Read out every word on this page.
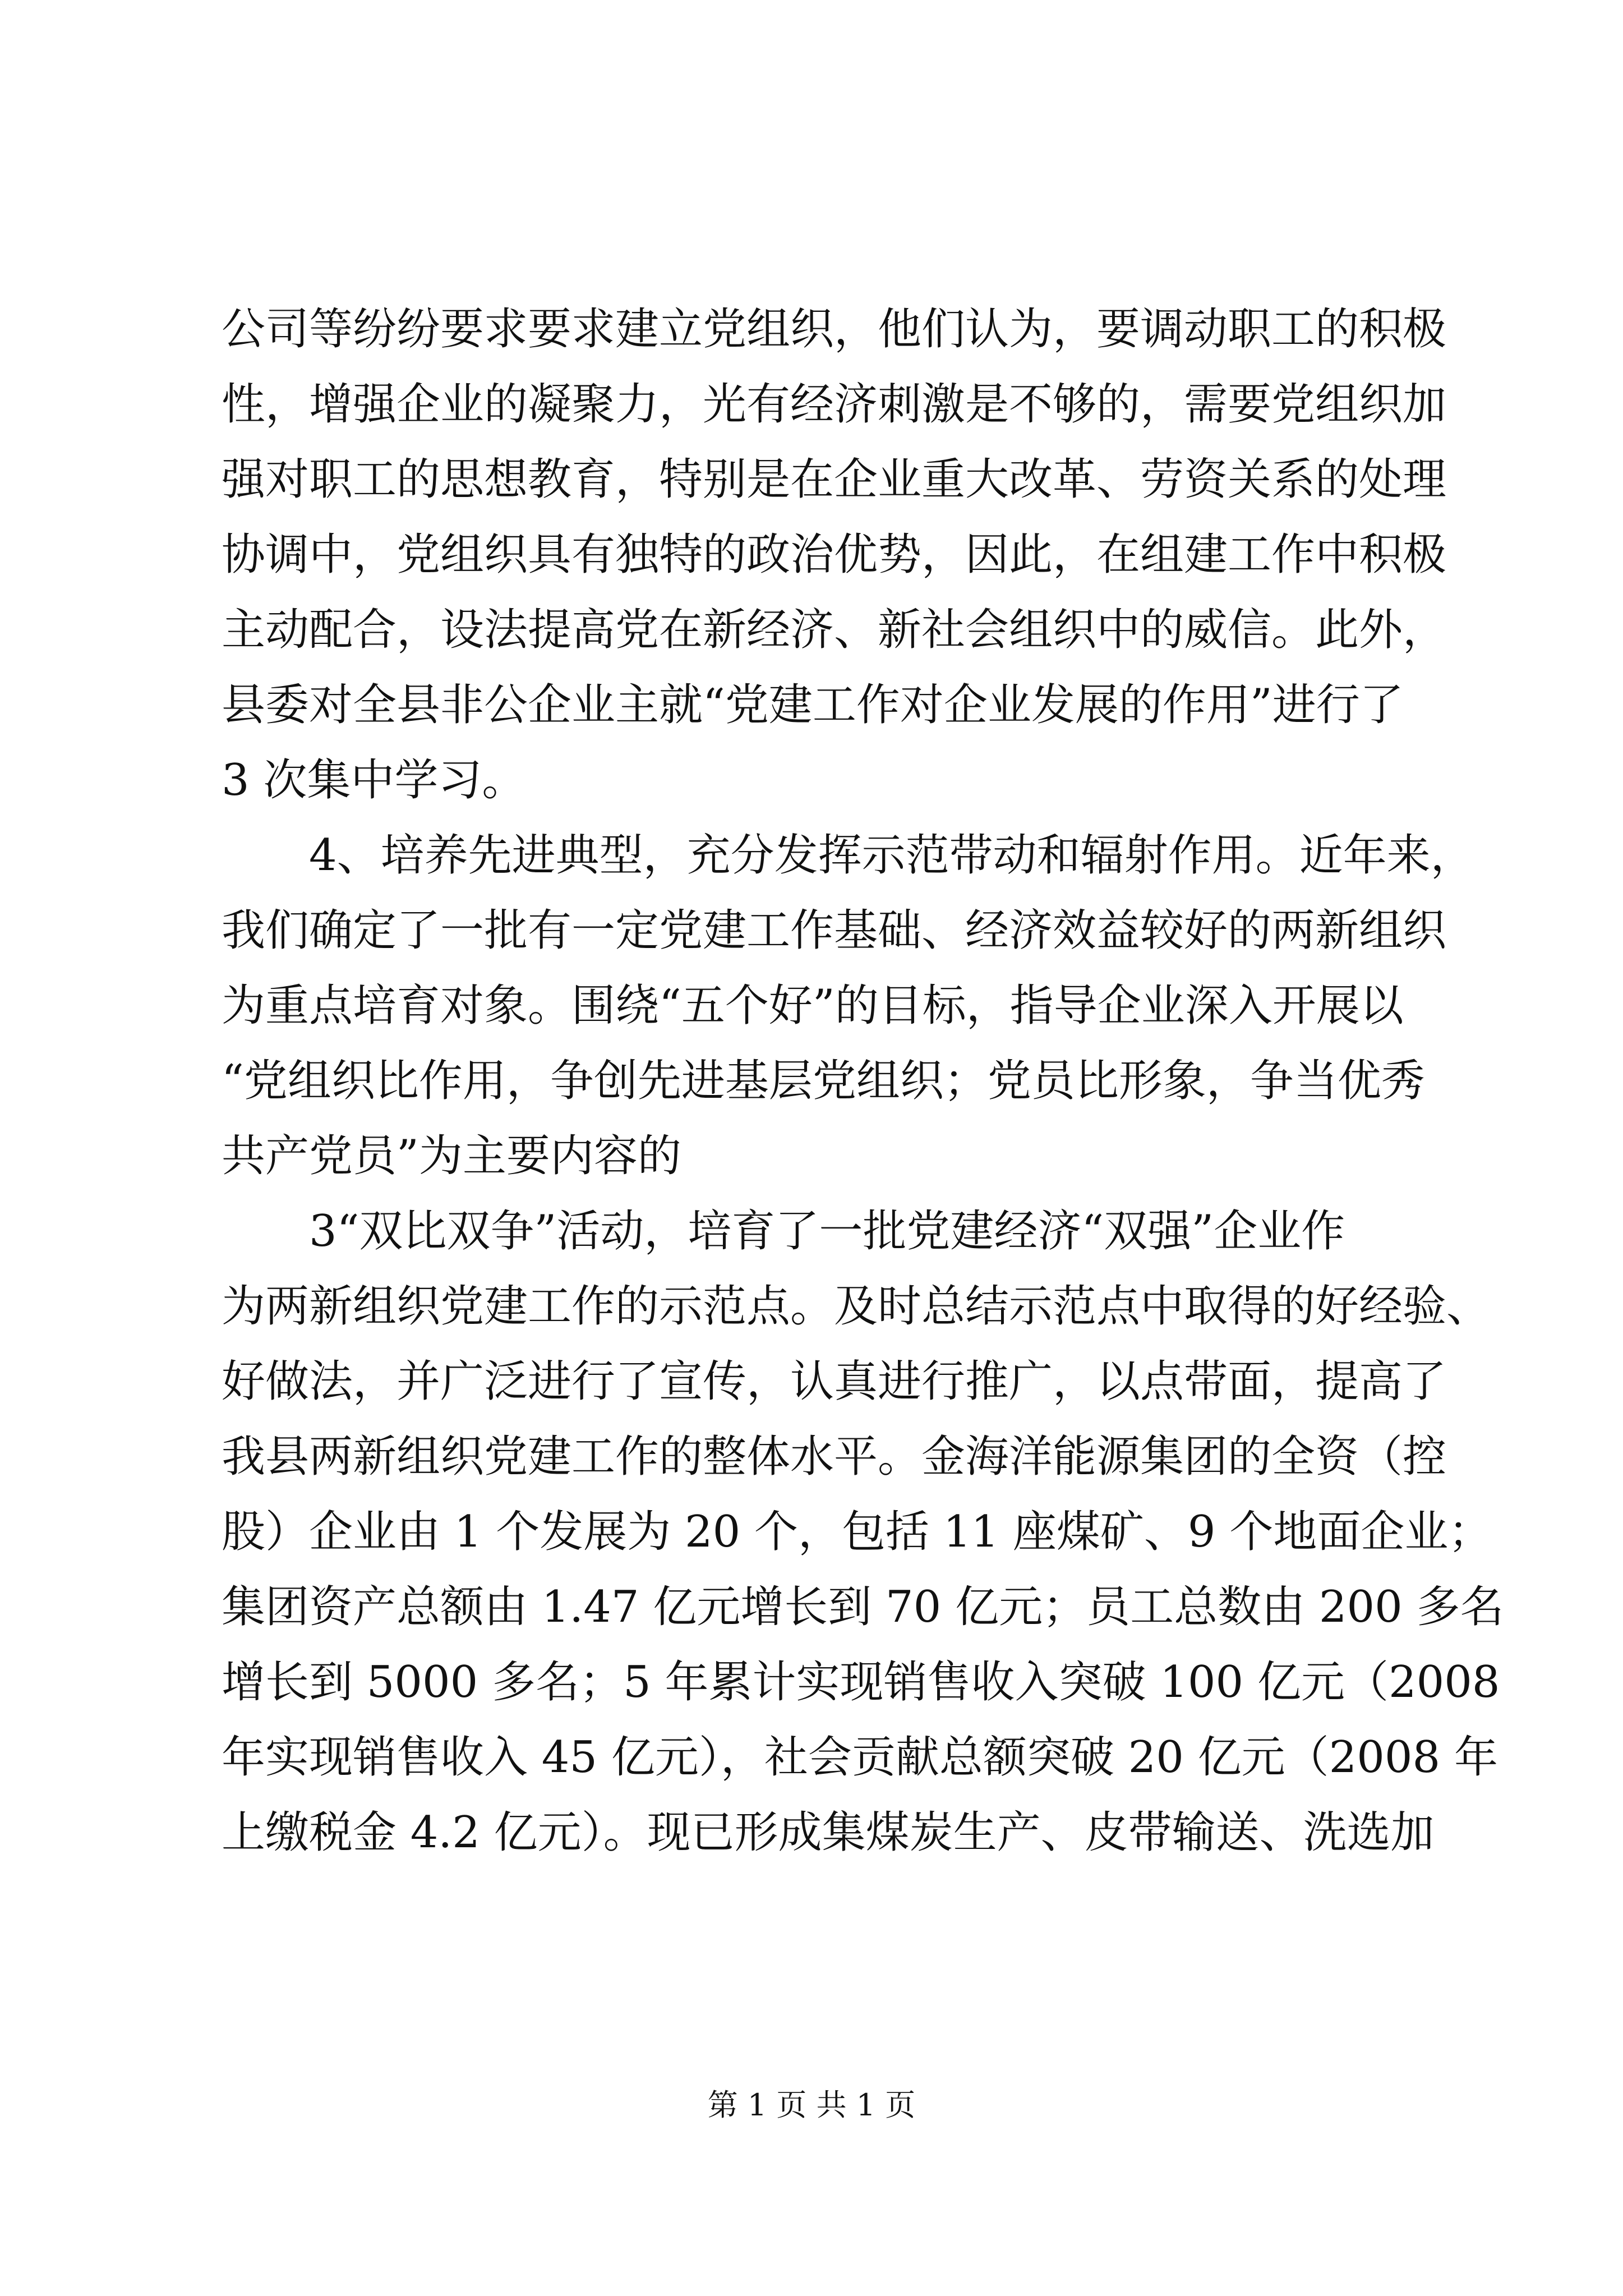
公司等纷纷要求要求建立党组织，他们认为，要调动职工的积极
性，增强企业的凝聚力，光有经济刺激是不够的，需要党组织加
强对职工的思想教育，特别是在企业重大改革、劳资关系的处理
协调中，党组织具有独特的政治优势，因此，在组建工作中积极
主动配合，设法提高党在新经济、新社会组织中的威信。此外，
县委对全县非公企业主就“党建工作对企业发展的作用”进行了
3 次集中学习。
4、培养先进典型，充分发挥示范带动和辐射作用。近年来，
我们确定了一批有一定党建工作基础、经济效益较好的两新组织
为重点培育对象。围绕“五个好”的目标，指导企业深入开展以
“党组织比作用，争创先进基层党组织；党员比形象，争当优秀
共产党员”为主要内容的
3“双比双争”活动，培育了一批党建经济“双强”企业作
为两新组织党建工作的示范点。及时总结示范点中取得的好经验、
好做法，并广泛进行了宣传，认真进行推广，以点带面，提高了
我县两新组织党建工作的整体水平。金海洋能源集团的全资（控
股）企业由 1 个发展为 20 个，包括 11 座煤矿、9 个地面企业；
集团资产总额由 1.47 亿元增长到 70 亿元；员工总数由 200 多名
增长到 5000 多名；5 年累计实现销售收入突破 100 亿元（2008
年实现销售收入 45 亿元），社会贡献总额突破 20 亿元（2008 年
上缴税金 4.2 亿元）。现已形成集煤炭生产、皮带输送、洗选加
第 1 页 共 1 页
